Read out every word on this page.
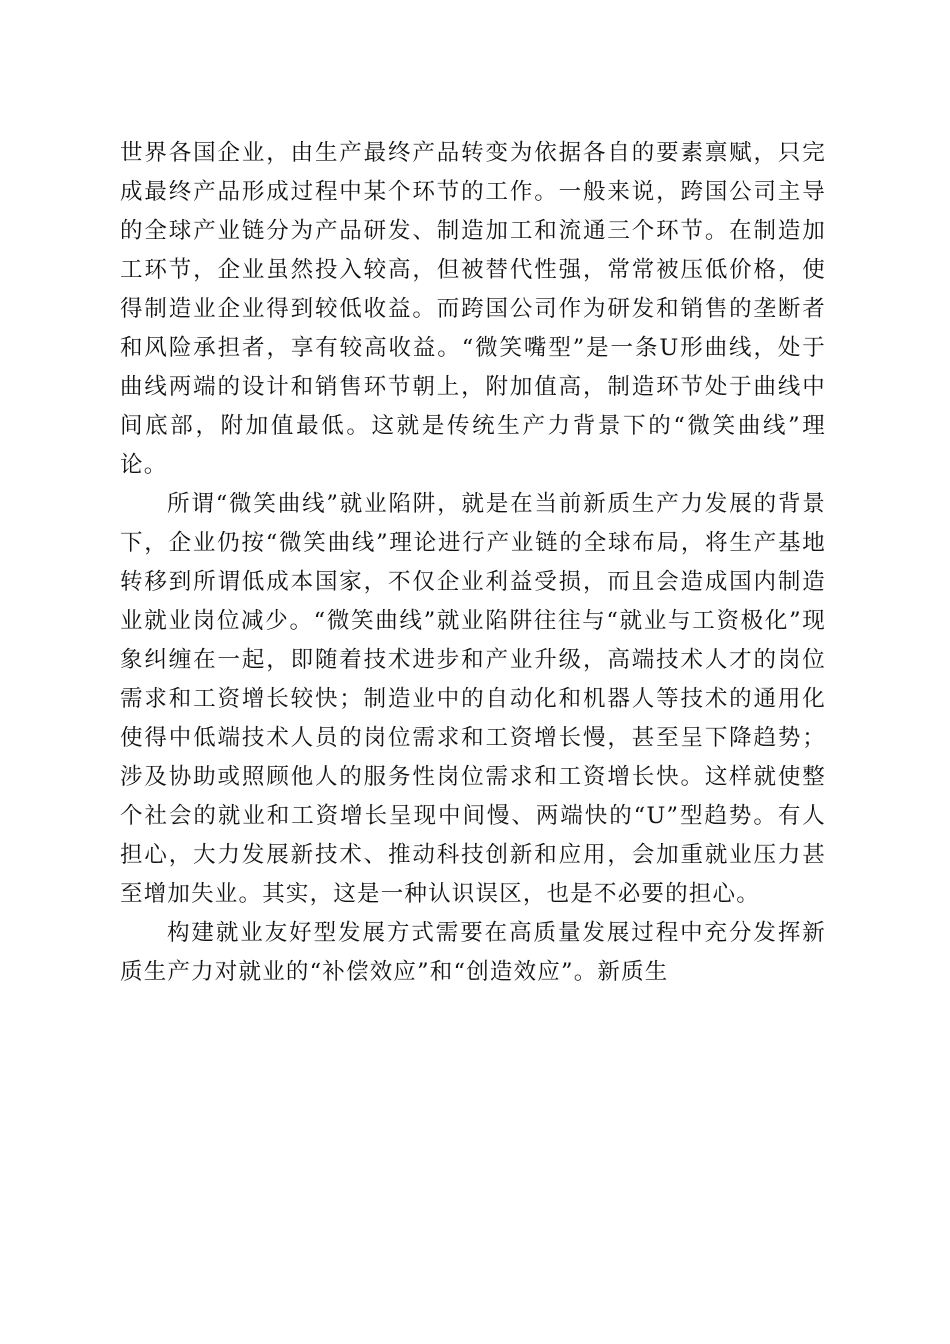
世界各国企业，由生产最终产品转变为依据各自的要素禀赋，只完成最终产品形成过程中某个环节的工作。一般来说，跨国公司主导的全球产业链分为产品研发、制造加工和流通三个环节。在制造加工环节，企业虽然投入较高，但被替代性强，常常被压低价格，使得制造业企业得到较低收益。而跨国公司作为研发和销售的垄断者和风险承担者，享有较高收益。“微笑嘴型”是一条U形曲线，处于曲线两端的设计和销售环节朝上，附加值高，制造环节处于曲线中间底部，附加值最低。这就是传统生产力背景下的“微笑曲线”理论。

所谓“微笑曲线”就业陷阱，就是在当前新质生产力发展的背景下，企业仍按“微笑曲线”理论进行产业链的全球布局，将生产基地转移到所谓低成本国家，不仅企业利益受损，而且会造成国内制造业就业岗位减少。“微笑曲线”就业陷阱往往与“就业与工资极化”现象纠缠在一起，即随着技术进步和产业升级，高端技术人才的岗位需求和工资增长较快；制造业中的自动化和机器人等技术的通用化使得中低端技术人员的岗位需求和工资增长慢，甚至呈下降趋势；涉及协助或照顾他人的服务性岗位需求和工资增长快。这样就使整个社会的就业和工资增长呈现中间慢、两端快的“U”型趋势。有人担心，大力发展新技术、推动科技创新和应用，会加重就业压力甚至增加失业。其实，这是一种认识误区，也是不必要的担心。

构建就业友好型发展方式需要在高质量发展过程中充分发挥新质生产力对就业的“补偿效应”和“创造效应”。新质生
